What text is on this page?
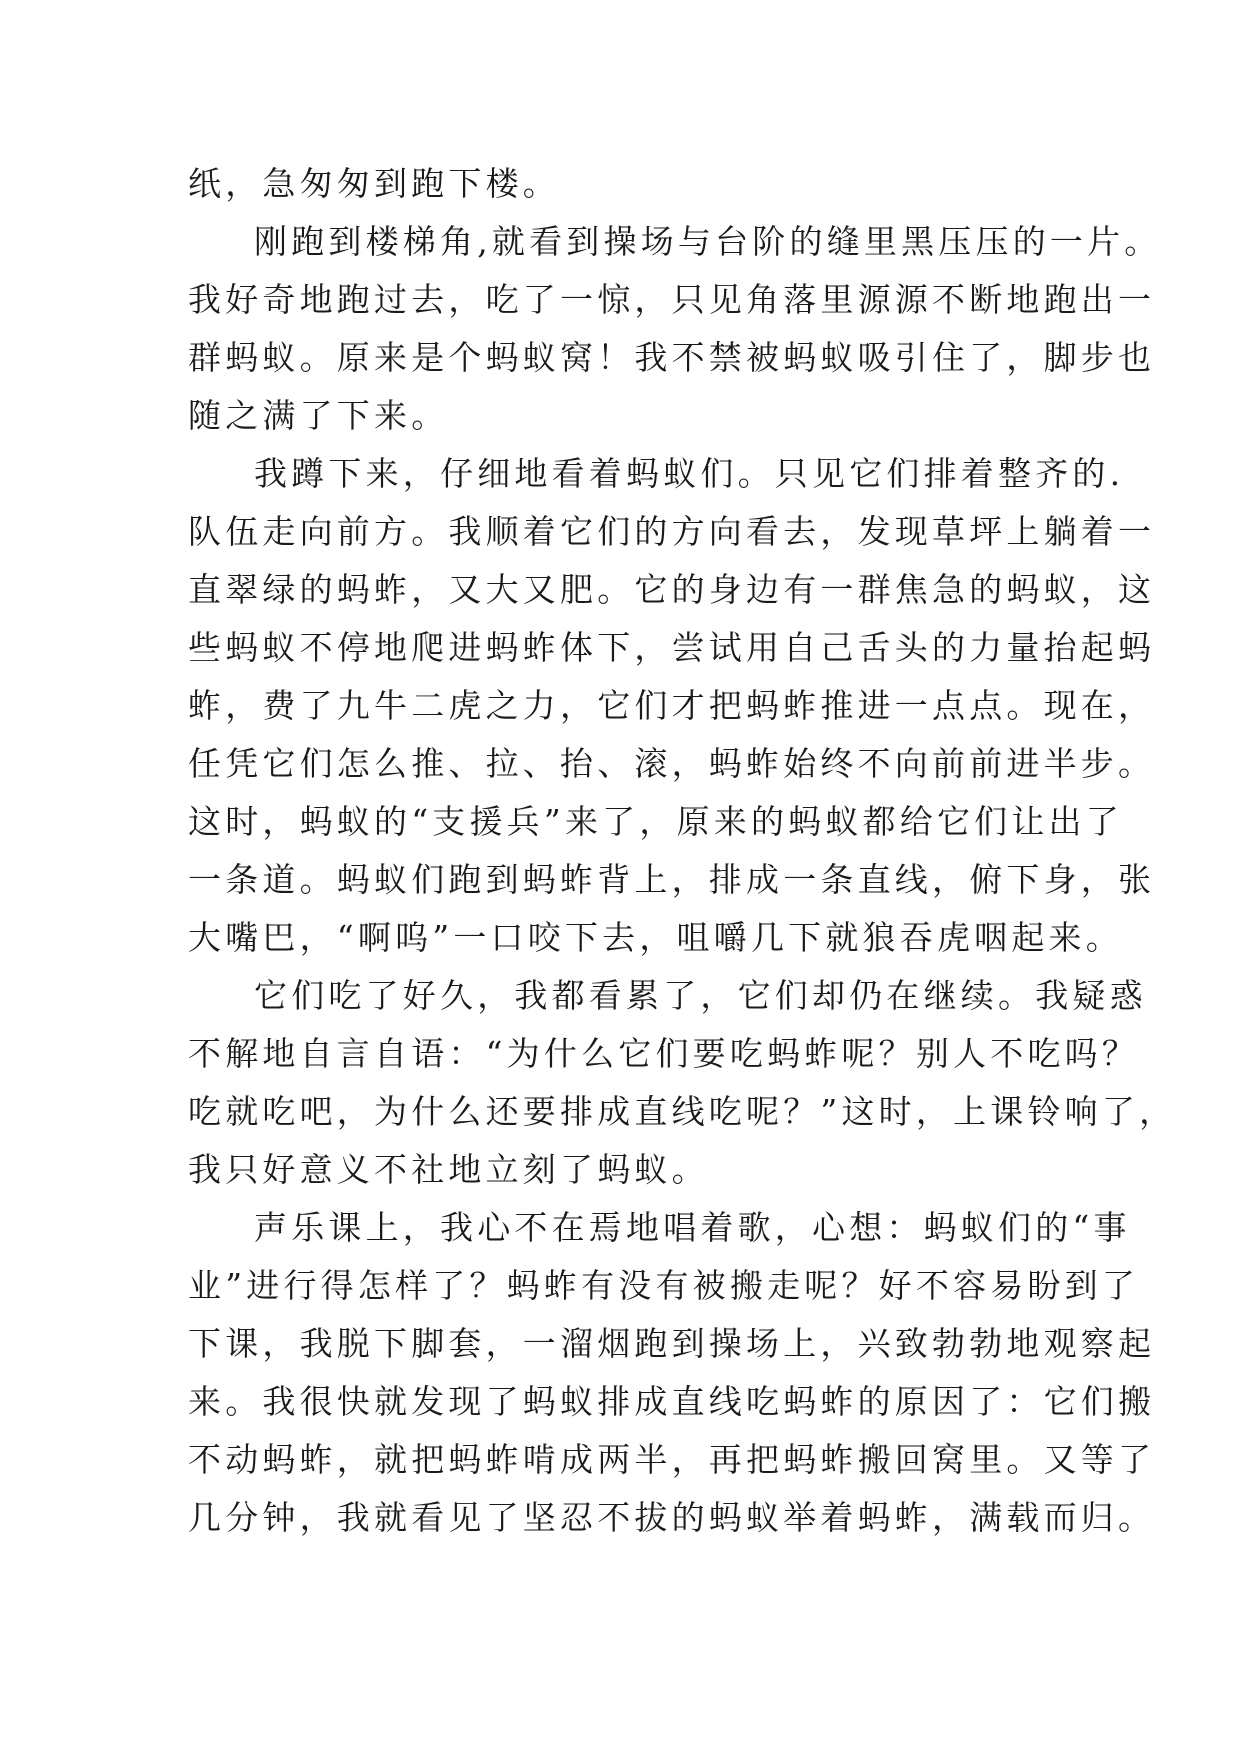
纸，急匆匆到跑下楼。
刚跑到楼梯角,就看到操场与台阶的缝里黑压压的一片。
我好奇地跑过去，吃了一惊，只见角落里源源不断地跑出一
群蚂蚁。原来是个蚂蚁窝！我不禁被蚂蚁吸引住了，脚步也
随之满了下来。
我蹲下来，仔细地看着蚂蚁们。只见它们排着整齐的.
队伍走向前方。我顺着它们的方向看去，发现草坪上躺着一
直翠绿的蚂蚱，又大又肥。它的身边有一群焦急的蚂蚁，这
些蚂蚁不停地爬进蚂蚱体下，尝试用自己舌头的力量抬起蚂
蚱，费了九牛二虎之力，它们才把蚂蚱推进一点点。现在，
任凭它们怎么推、拉、抬、滚，蚂蚱始终不向前前进半步。
这时，蚂蚁的“支援兵”来了，原来的蚂蚁都给它们让出了
一条道。蚂蚁们跑到蚂蚱背上，排成一条直线，俯下身，张
大嘴巴，“啊呜”一口咬下去，咀嚼几下就狼吞虎咽起来。
它们吃了好久，我都看累了，它们却仍在继续。我疑惑
不解地自言自语：“为什么它们要吃蚂蚱呢？别人不吃吗？
吃就吃吧，为什么还要排成直线吃呢？”这时，上课铃响了，
我只好意义不社地立刻了蚂蚁。
声乐课上，我心不在焉地唱着歌，心想：蚂蚁们的“事
业”进行得怎样了？蚂蚱有没有被搬走呢？好不容易盼到了
下课，我脱下脚套，一溜烟跑到操场上，兴致勃勃地观察起
来。我很快就发现了蚂蚁排成直线吃蚂蚱的原因了：它们搬
不动蚂蚱，就把蚂蚱啃成两半，再把蚂蚱搬回窝里。又等了
几分钟，我就看见了坚忍不拔的蚂蚁举着蚂蚱，满载而归。
